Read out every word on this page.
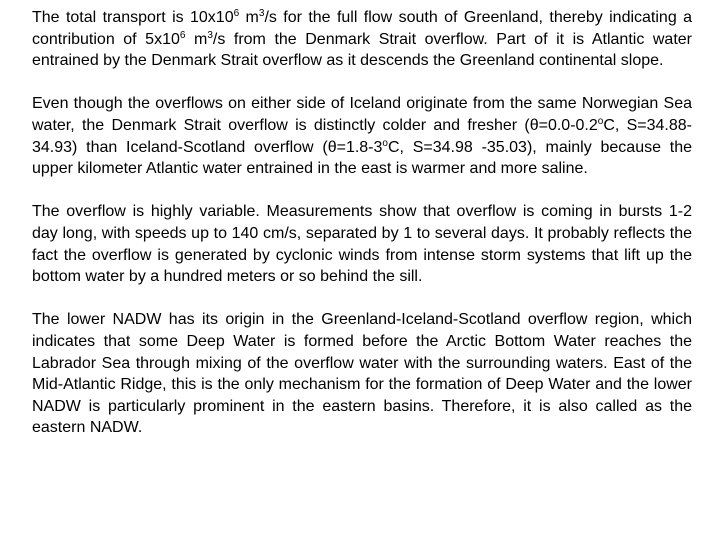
The total transport is $10x10^6$ $m^3/s$ for the full flow south of Greenland, thereby indicating a contribution of $5x10^6$ $m^3/s$ from the Denmark Strait overflow. Part of it is Atlantic water entrained by the Denmark Strait overflow as it descends the Greenland continental slope.

Even though the overflows on either side of Iceland originate from the same Norwegian Sea water, the Denmark Strait overflow is distinctly colder and fresher ($\theta=0.0-0.2^oC$, S=34.88-34.93) than Iceland-Scotland overflow ($\theta=1.8-3^oC$, S=34.98 -35.03), mainly because the upper kilometer Atlantic water entrained in the east is warmer and more saline.

The overflow is highly variable. Measurements show that overflow is coming in bursts 1-2 day long, with speeds up to 140 cm/s, separated by 1 to several days. It probably reflects the fact the overflow is generated by cyclonic winds from intense storm systems that lift up the bottom water by a hundred meters or so behind the sill.

The lower NADW has its origin in the Greenland-Iceland-Scotland overflow region, which indicates that some Deep Water is formed before the Arctic Bottom Water reaches the Labrador Sea through mixing of the overflow water with the surrounding waters. East of the Mid-Atlantic Ridge, this is the only mechanism for the formation of Deep Water and the lower NADW is particularly prominent in the eastern basins. Therefore, it is also called as the eastern NADW.
